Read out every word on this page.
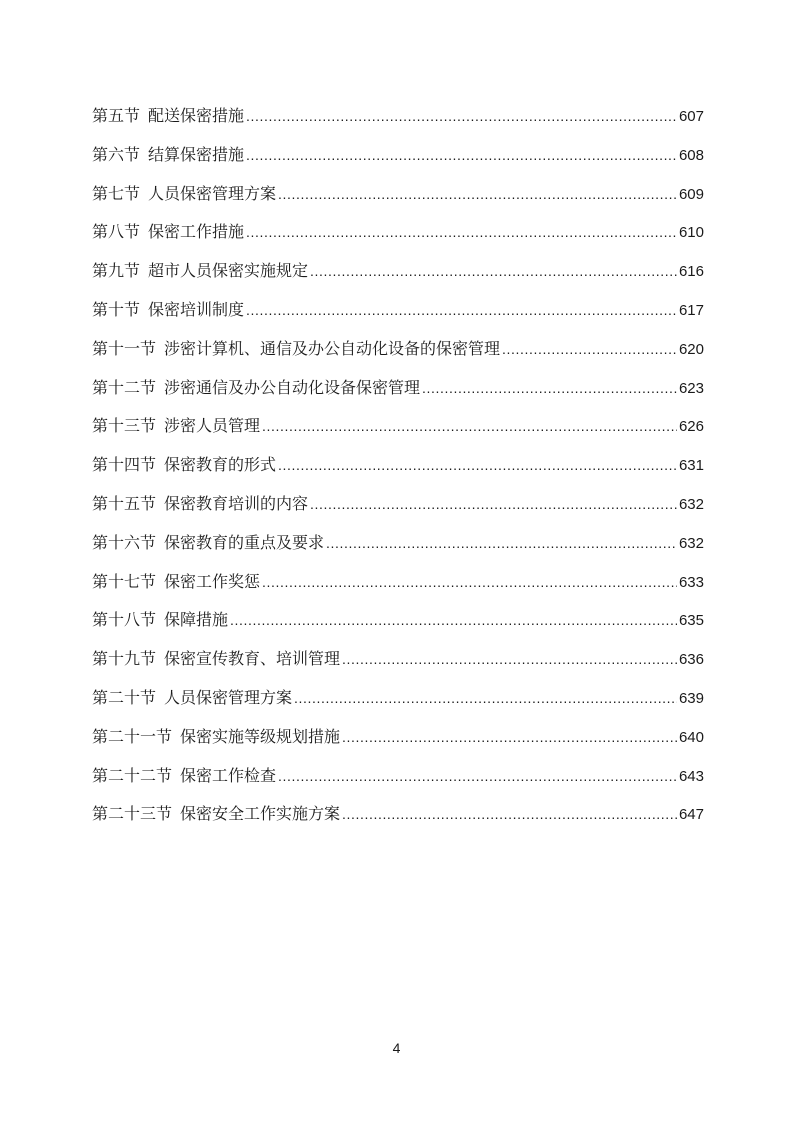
第五节 配送保密措施 .....	607
第六节 结算保密措施 .....	608
第七节 人员保密管理方案 .....	609
第八节 保密工作措施 .....	610
第九节 超市人员保密实施规定 .....	616
第十节 保密培训制度 .....	617
第十一节 涉密计算机、通信及办公自动化设备的保密管理 .....	620
第十二节 涉密通信及办公自动化设备保密管理 .....	623
第十三节 涉密人员管理 .....	626
第十四节 保密教育的形式 .....	631
第十五节 保密教育培训的内容 .....	632
第十六节 保密教育的重点及要求 .....	632
第十七节 保密工作奖惩 .....	633
第十八节 保障措施 .....	635
第十九节 保密宣传教育、培训管理 .....	636
第二十节 人员保密管理方案 .....	639
第二十一节 保密实施等级规划措施 .....	640
第二十二节 保密工作检查 .....	643
第二十三节 保密安全工作实施方案 .....	647
4
